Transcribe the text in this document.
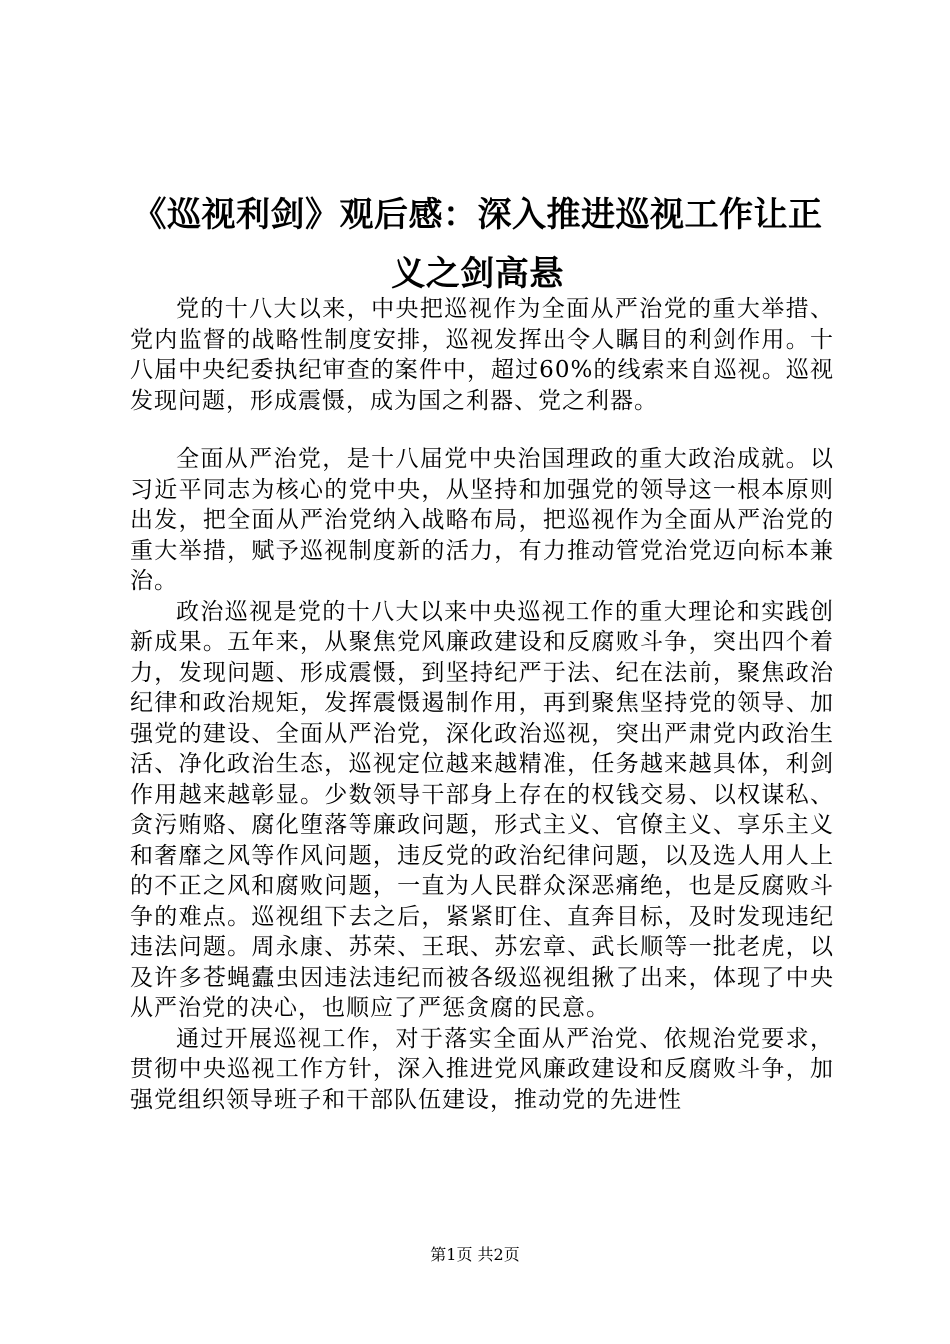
《巡视利剑》观后感：深入推进巡视工作让正义之剑高悬

党的十八大以来，中央把巡视作为全面从严治党的重大举措、党内监督的战略性制度安排，巡视发挥出令人瞩目的利剑作用。十八届中央纪委执纪审查的案件中，超过60%的线索来自巡视。巡视发现问题，形成震慑，成为国之利器、党之利器。

全面从严治党，是十八届党中央治国理政的重大政治成就。以习近平同志为核心的党中央，从坚持和加强党的领导这一根本原则出发，把全面从严治党纳入战略布局，把巡视作为全面从严治党的重大举措，赋予巡视制度新的活力，有力推动管党治党迈向标本兼治。

政治巡视是党的十八大以来中央巡视工作的重大理论和实践创新成果。五年来，从聚焦党风廉政建设和反腐败斗争，突出四个着力，发现问题、形成震慑，到坚持纪严于法、纪在法前，聚焦政治纪律和政治规矩，发挥震慑遏制作用，再到聚焦坚持党的领导、加强党的建设、全面从严治党，深化政治巡视，突出严肃党内政治生活、净化政治生态，巡视定位越来越精准，任务越来越具体，利剑作用越来越彰显。少数领导干部身上存在的权钱交易、以权谋私、贪污贿赂、腐化堕落等廉政问题，形式主义、官僚主义、享乐主义和奢靡之风等作风问题，违反党的政治纪律问题，以及选人用人上的不正之风和腐败问题，一直为人民群众深恶痛绝，也是反腐败斗争的难点。巡视组下去之后，紧紧盯住、直奔目标，及时发现违纪违法问题。周永康、苏荣、王珉、苏宏章、武长顺等一批老虎，以及许多苍蝇蠹虫因违法违纪而被各级巡视组揪了出来，体现了中央从严治党的决心，也顺应了严惩贪腐的民意。

通过开展巡视工作，对于落实全面从严治党、依规治党要求，贯彻中央巡视工作方针，深入推进党风廉政建设和反腐败斗争，加强党组织领导班子和干部队伍建设，推动党的先进性

第1页 共2页
